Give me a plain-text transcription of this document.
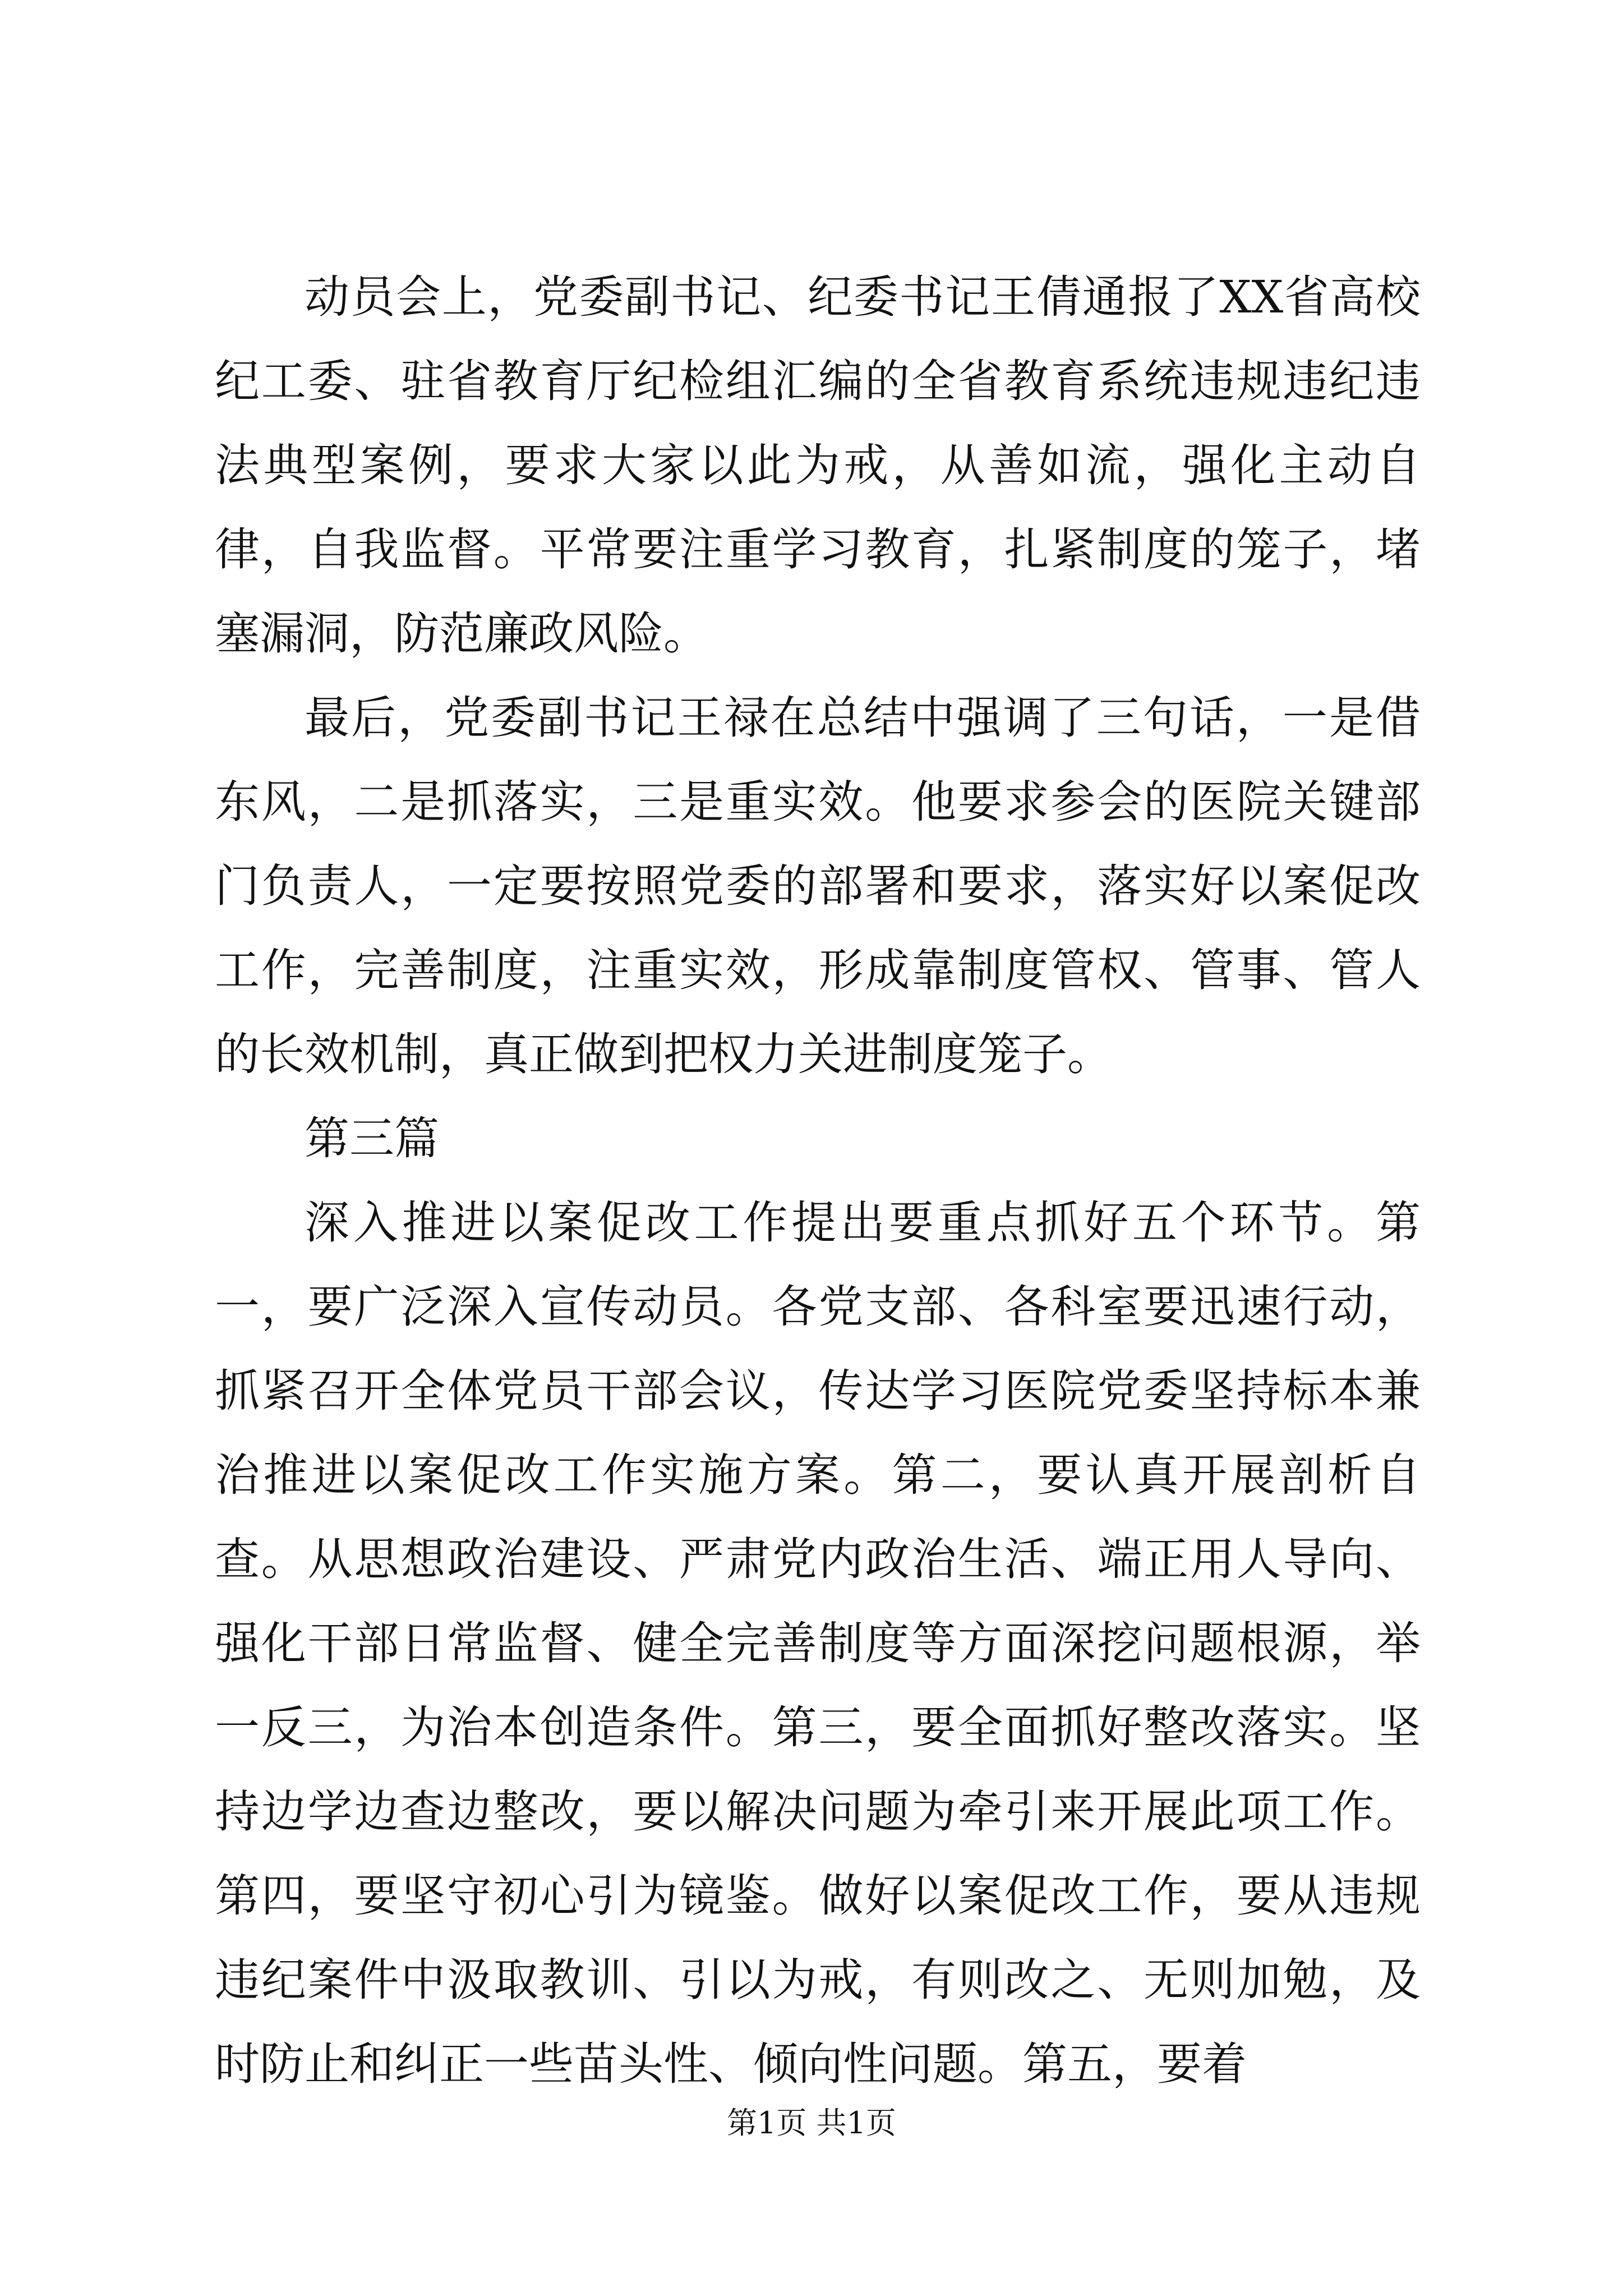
动员会上，党委副书记、纪委书记王倩通报了XX省高校纪工委、驻省教育厅纪检组汇编的全省教育系统违规违纪违法典型案例，要求大家以此为戒，从善如流，强化主动自律，自我监督。平常要注重学习教育，扎紧制度的笼子，堵塞漏洞，防范廉政风险。

最后，党委副书记王禄在总结中强调了三句话，一是借东风，二是抓落实，三是重实效。他要求参会的医院关键部门负责人，一定要按照党委的部署和要求，落实好以案促改工作，完善制度，注重实效，形成靠制度管权、管事、管人的长效机制，真正做到把权力关进制度笼子。

第三篇

深入推进以案促改工作提出要重点抓好五个环节。第一，要广泛深入宣传动员。各党支部、各科室要迅速行动，抓紧召开全体党员干部会议，传达学习医院党委坚持标本兼治推进以案促改工作实施方案。第二，要认真开展剖析自查。从思想政治建设、严肃党内政治生活、端正用人导向、强化干部日常监督、健全完善制度等方面深挖问题根源，举一反三，为治本创造条件。第三，要全面抓好整改落实。坚持边学边查边整改，要以解决问题为牵引来开展此项工作。第四，要坚守初心引为镜鉴。做好以案促改工作，要从违规违纪案件中汲取教训、引以为戒，有则改之、无则加勉，及时防止和纠正一些苗头性、倾向性问题。第五，要着

第1页 共1页
